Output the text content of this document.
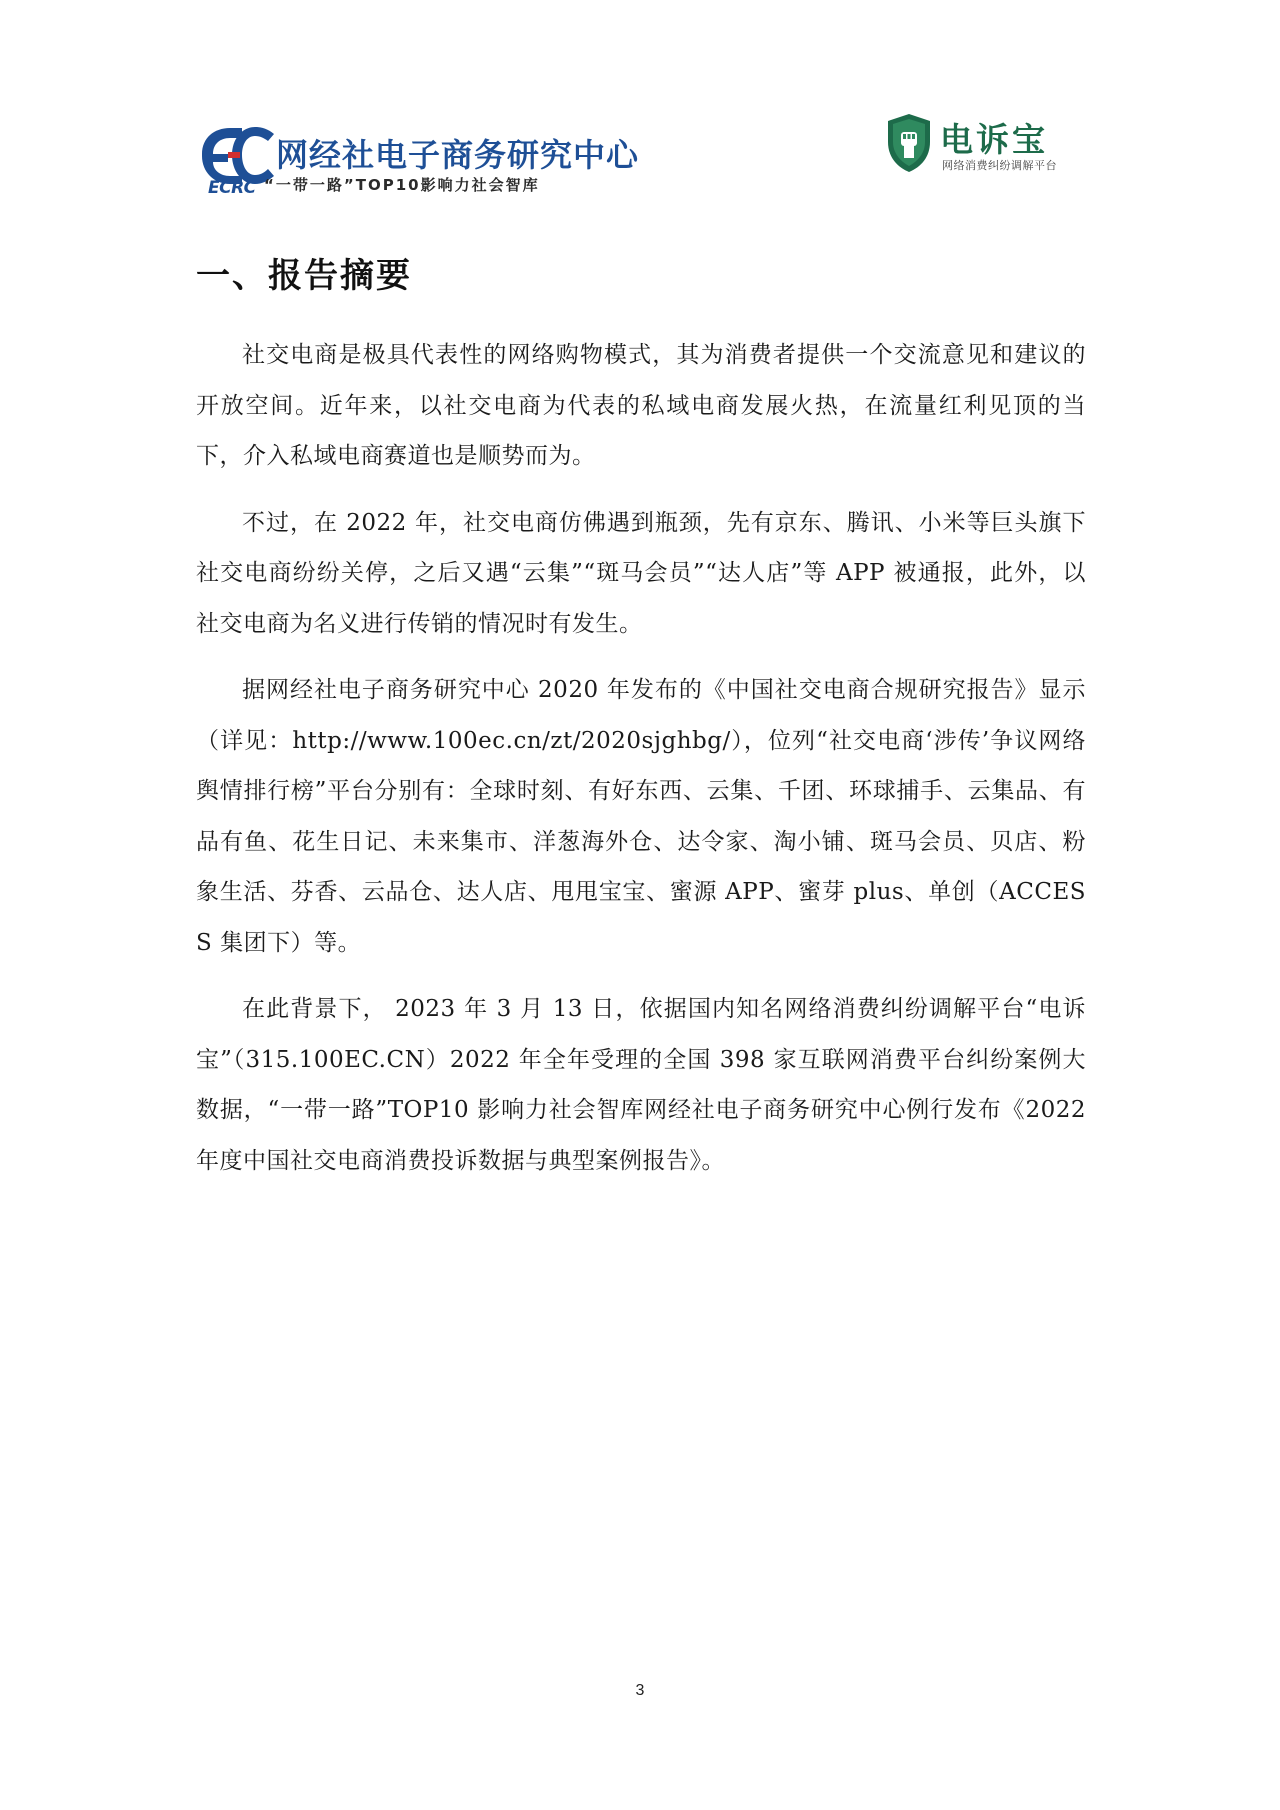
ECRC
网经社电子商务研究中心
“一带一路”TOP10影响力社会智库
电诉宝
网络消费纠纷调解平台
一、报告摘要

社交电商是极具代表性的网络购物模式，其为消费者提供一个交流意见和建议的开放空间。近年来，以社交电商为代表的私域电商发展火热，在流量红利见顶的当下，介入私域电商赛道也是顺势而为。

不过，在 2022 年，社交电商仿佛遇到瓶颈，先有京东、腾讯、小米等巨头旗下社交电商纷纷关停，之后又遇“云集”“斑马会员”“达人店”等 APP 被通报，此外，以社交电商为名义进行传销的情况时有发生。

据网经社电子商务研究中心 2020 年发布的《中国社交电商合规研究报告》显示（详见：http://www.100ec.cn/zt/2020sjghbg/），位列“社交电商‘涉传’争议网络舆情排行榜”平台分别有：全球时刻、有好东西、云集、千团、环球捕手、云集品、有品有鱼、花生日记、未来集市、洋葱海外仓、达令家、淘小铺、斑马会员、贝店、粉象生活、芬香、云品仓、达人店、甩甩宝宝、蜜源 APP、蜜芽 plus、单创（ACCESS 集团下）等。

在此背景下， 2023 年 3 月 13 日，依据国内知名网络消费纠纷调解平台“电诉宝”（315.100EC.CN）2022 年全年受理的全国 398 家互联网消费平台纠纷案例大数据，“一带一路”TOP10 影响力社会智库网经社电子商务研究中心例行发布《2022 年度中国社交电商消费投诉数据与典型案例报告》。

3
